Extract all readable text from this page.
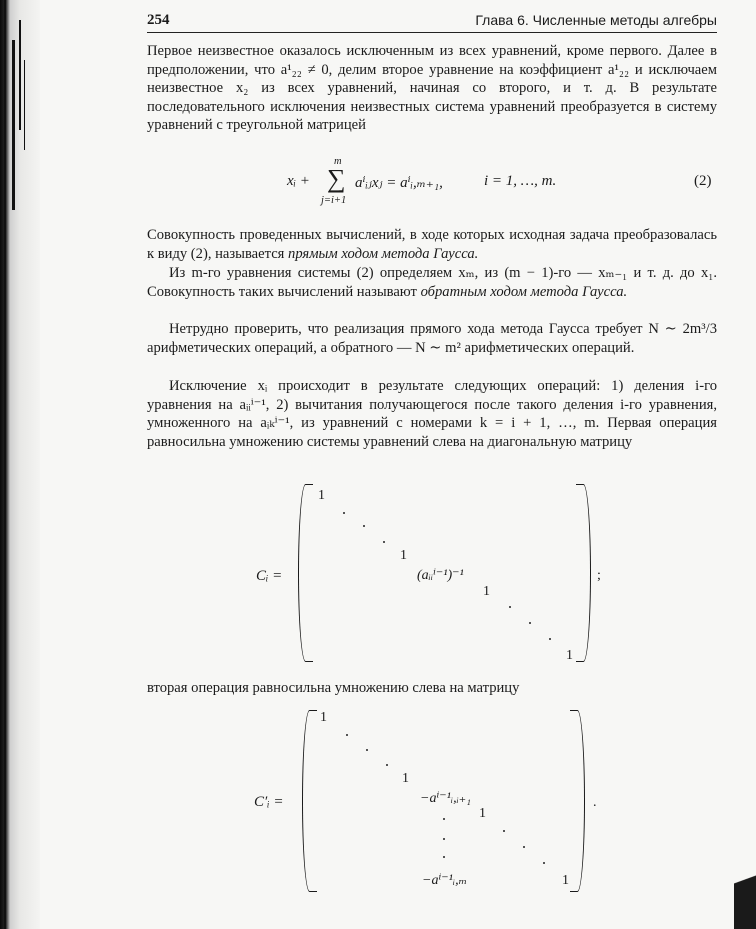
254	Глава 6. Численные методы алгебры
Первое неизвестное оказалось исключенным из всех уравнений, кроме первого. Далее в предположении, что a¹₂₂ ≠ 0, делим второе уравнение на коэффициент a¹₂₂ и исключаем неизвестное x₂ из всех уравнений, начиная со второго, и т. д. В результате последовательного исключения неизвестных система уравнений преобразуется в систему уравнений с треугольной матрицей
xᵢ + ∑
m
j=i+1
aⁱᵢⱼxⱼ = aⁱᵢ,ₘ₊₁,	i = 1, …, m.	(2)
Совокупность проведенных вычислений, в ходе которых исходная задача преобразовалась к виду (2), называется прямым ходом метода Гаусса.
Из m-го уравнения системы (2) определяем xₘ, из (m − 1)-го — xₘ₋₁ и т. д. до x₁. Совокупность таких вычислений называют обратным ходом метода Гаусса.
Нетрудно проверить, что реализация прямого хода метода Гаусса требует N ∼ 2m³/3 арифметических операций, а обратного — N ∼ m² арифметических операций.
Исключение xᵢ происходит в результате следующих операций: 1) деления i-го уравнения на aᵢᵢⁱ⁻¹, 2) вычитания получающегося после такого деления i-го уравнения, умноженного на aᵢₖⁱ⁻¹, из уравнений с номерами k = i + 1, …, m. Первая операция равносильна умножению системы уравнений слева на диагональную матрицу
Cᵢ =
1
1
(aᵢᵢⁱ⁻¹)⁻¹
1
1
;
вторая операция равносильна умножению слева на матрицу
C′ᵢ =
1
1
−aⁱ⁻¹ᵢ,ᵢ₊₁
1
−aⁱ⁻¹ᵢ,ₘ	1
.
